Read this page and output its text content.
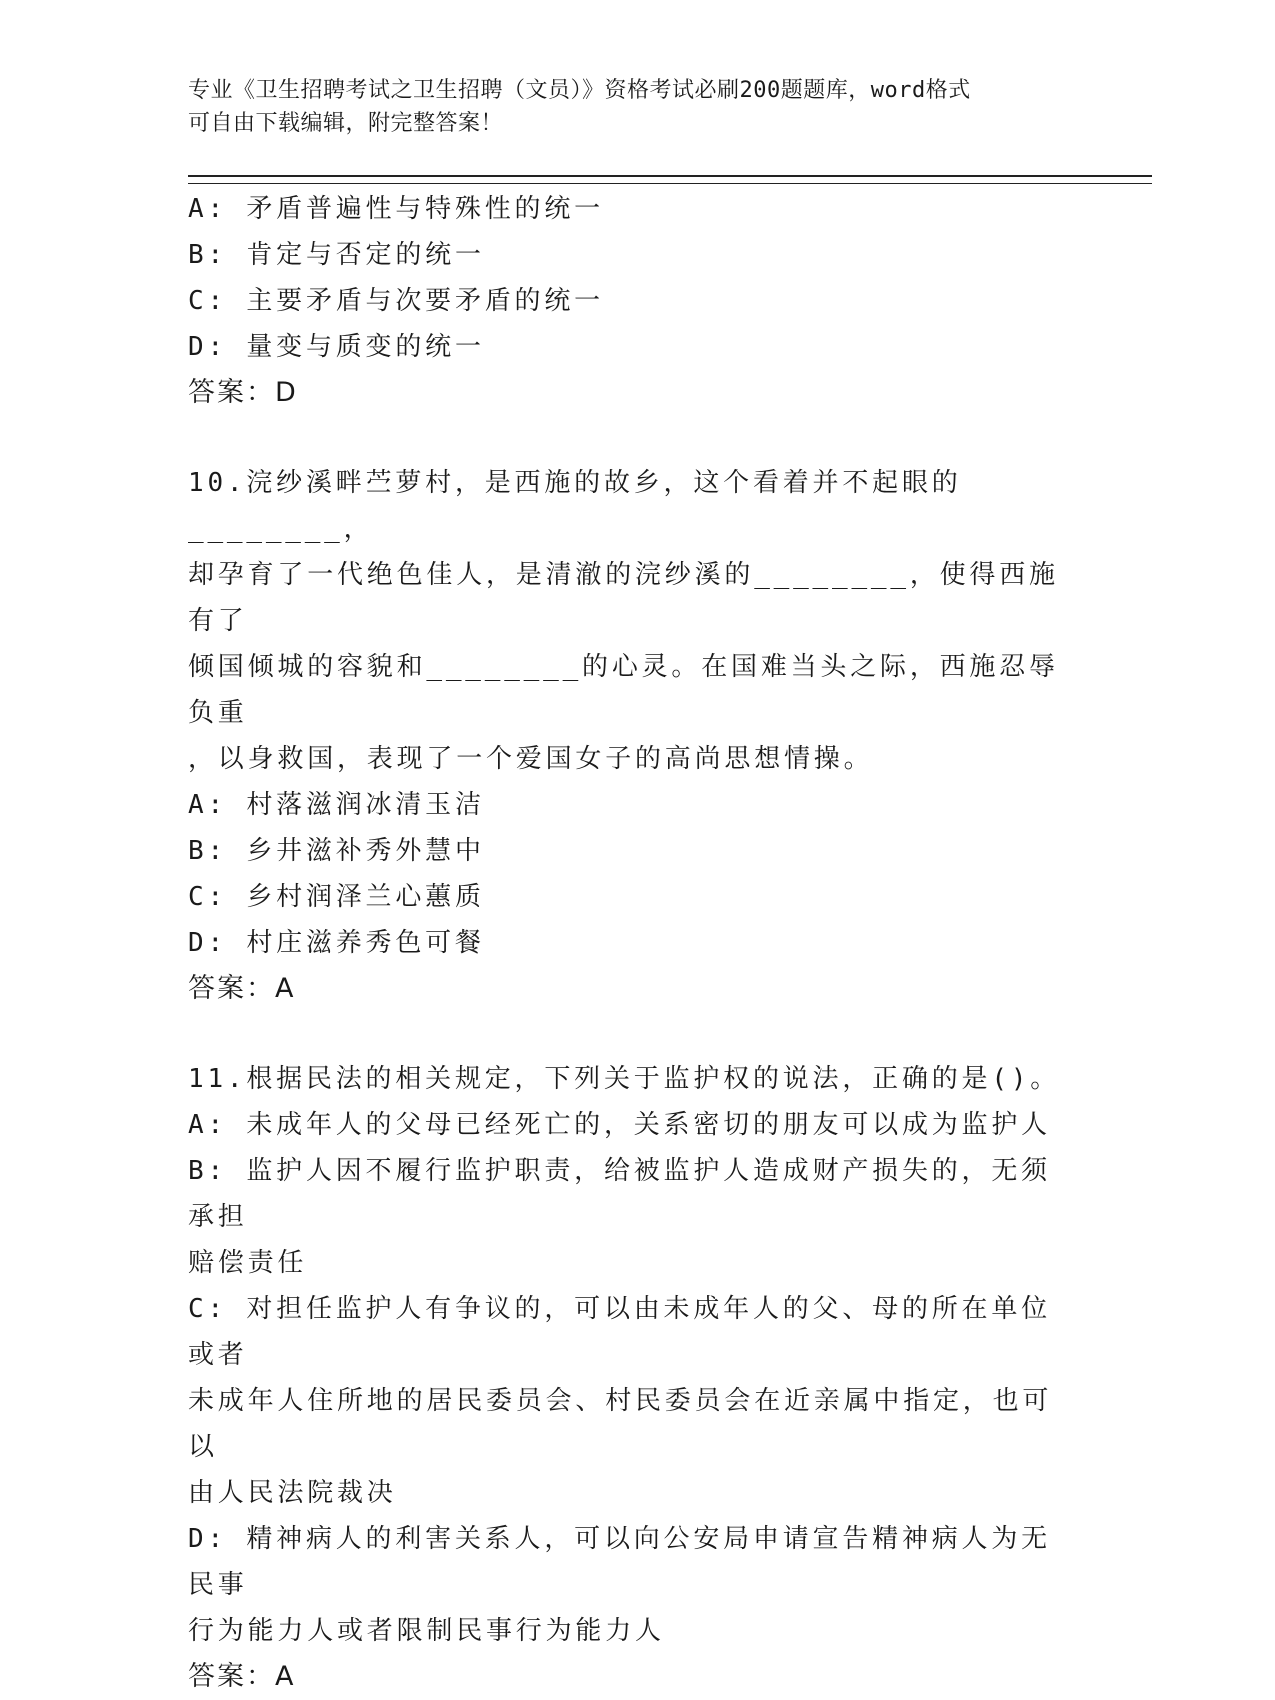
专业《卫生招聘考试之卫生招聘（文员）》资格考试必刷200题题库，word格式
可自由下载编辑，附完整答案！
A: 矛盾普遍性与特殊性的统一
B: 肯定与否定的统一
C: 主要矛盾与次要矛盾的统一
D: 量变与质变的统一
答案：D
10.浣纱溪畔苎萝村，是西施的故乡，这个看着并不起眼的________，
却孕育了一代绝色佳人，是清澈的浣纱溪的________，使得西施有了
倾国倾城的容貌和________的心灵。在国难当头之际，西施忍辱负重
，以身救国，表现了一个爱国女子的高尚思想情操。
A: 村落滋润冰清玉洁
B: 乡井滋补秀外慧中
C: 乡村润泽兰心蕙质
D: 村庄滋养秀色可餐
答案：A
11.根据民法的相关规定，下列关于监护权的说法，正确的是()。
A: 未成年人的父母已经死亡的，关系密切的朋友可以成为监护人
B: 监护人因不履行监护职责，给被监护人造成财产损失的，无须承担
赔偿责任
C: 对担任监护人有争议的，可以由未成年人的父、母的所在单位或者
未成年人住所地的居民委员会、村民委员会在近亲属中指定，也可以
由人民法院裁决
D: 精神病人的利害关系人，可以向公安局申请宣告精神病人为无民事
行为能力人或者限制民事行为能力人
答案：A
